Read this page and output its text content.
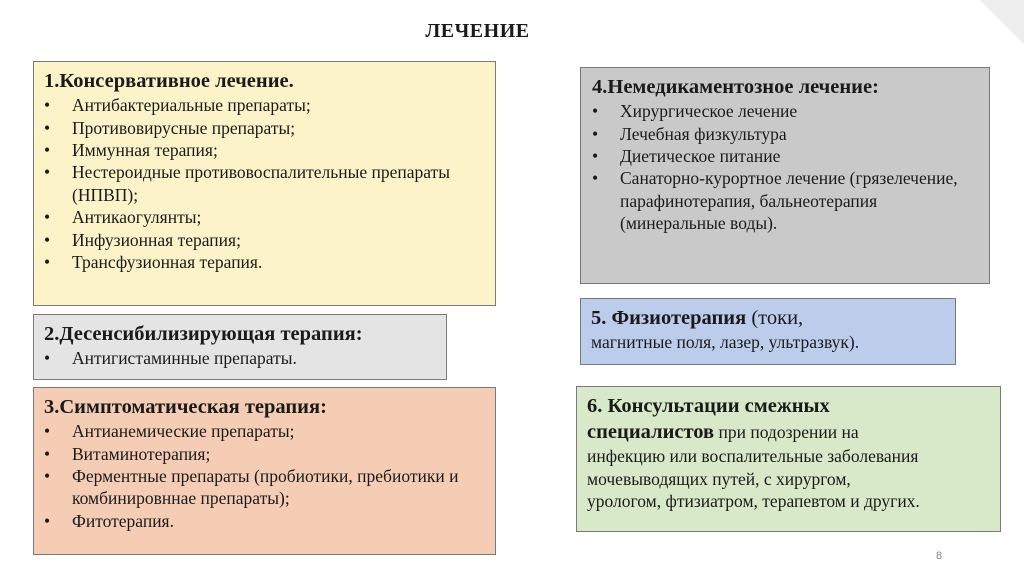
ЛЕЧЕНИЕ

1.Консервативное лечение.

• Антибактериальные препараты;
• Противовирусные препараты;
• Иммунная терапия;
• Нестероидные противовоспалительные препараты (НПВП);
• Антикаогулянты;
• Инфузионная терапия;
• Трансфузионная терапия.

2.Десенсибилизирующая терапия:

• Антигистаминные препараты.

3.Симптоматическая терапия:

• Антианемические препараты;
• Витаминотерапия;
• Ферментные препараты (пробиотики, пребиотики и комбинировннае препараты);
• Фитотерапия.

4.Немедикаментозное лечение:

• Хирургическое лечение
• Лечебная физкультура
• Диетическое питание
• Санаторно-курортное лечение (грязелечение, парафинотерапия, бальнеотерапия (минеральные воды).

5. Физиотерапия (токи,

магнитные поля, лазер, ультразвук).

6. Консультации смежных
специалистов при подозрении на
инфекцию или воспалительные заболевания
мочевыводящих путей, с хирургом,
урологом, фтизиатром, терапевтом и других.
8
